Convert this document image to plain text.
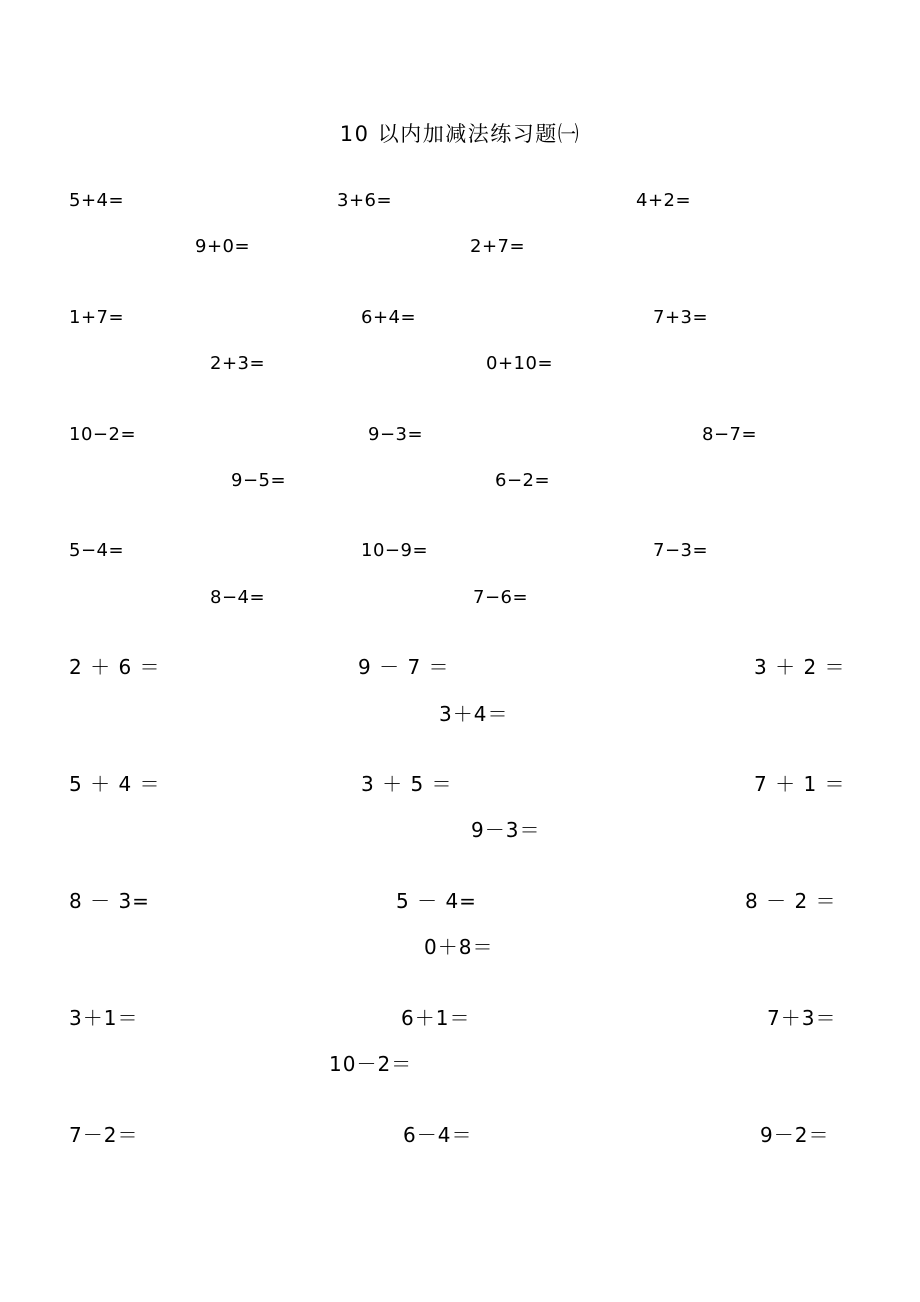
10 以内加减法练习题㈠
5+4=	3+6=	4+2=
9+0=	2+7=
1+7=	6+4=	7+3=
2+3=	0+10=
10−2=	9−3=	8−7=
9−5=	6−2=
5−4=	10−9=	7−3=
8−4=	7−6=
2 ＋ 6 ＝	9 － 7 ＝	3 ＋ 2 ＝
3＋4＝
5 ＋ 4 ＝	3 ＋ 5 ＝	7 ＋ 1 ＝
9－3＝
8 － 3=	5 － 4=	8 － 2 ＝
0＋8＝
3＋1＝	6＋1＝	7＋3＝
10－2＝
7－2＝	6－4＝	9－2＝
